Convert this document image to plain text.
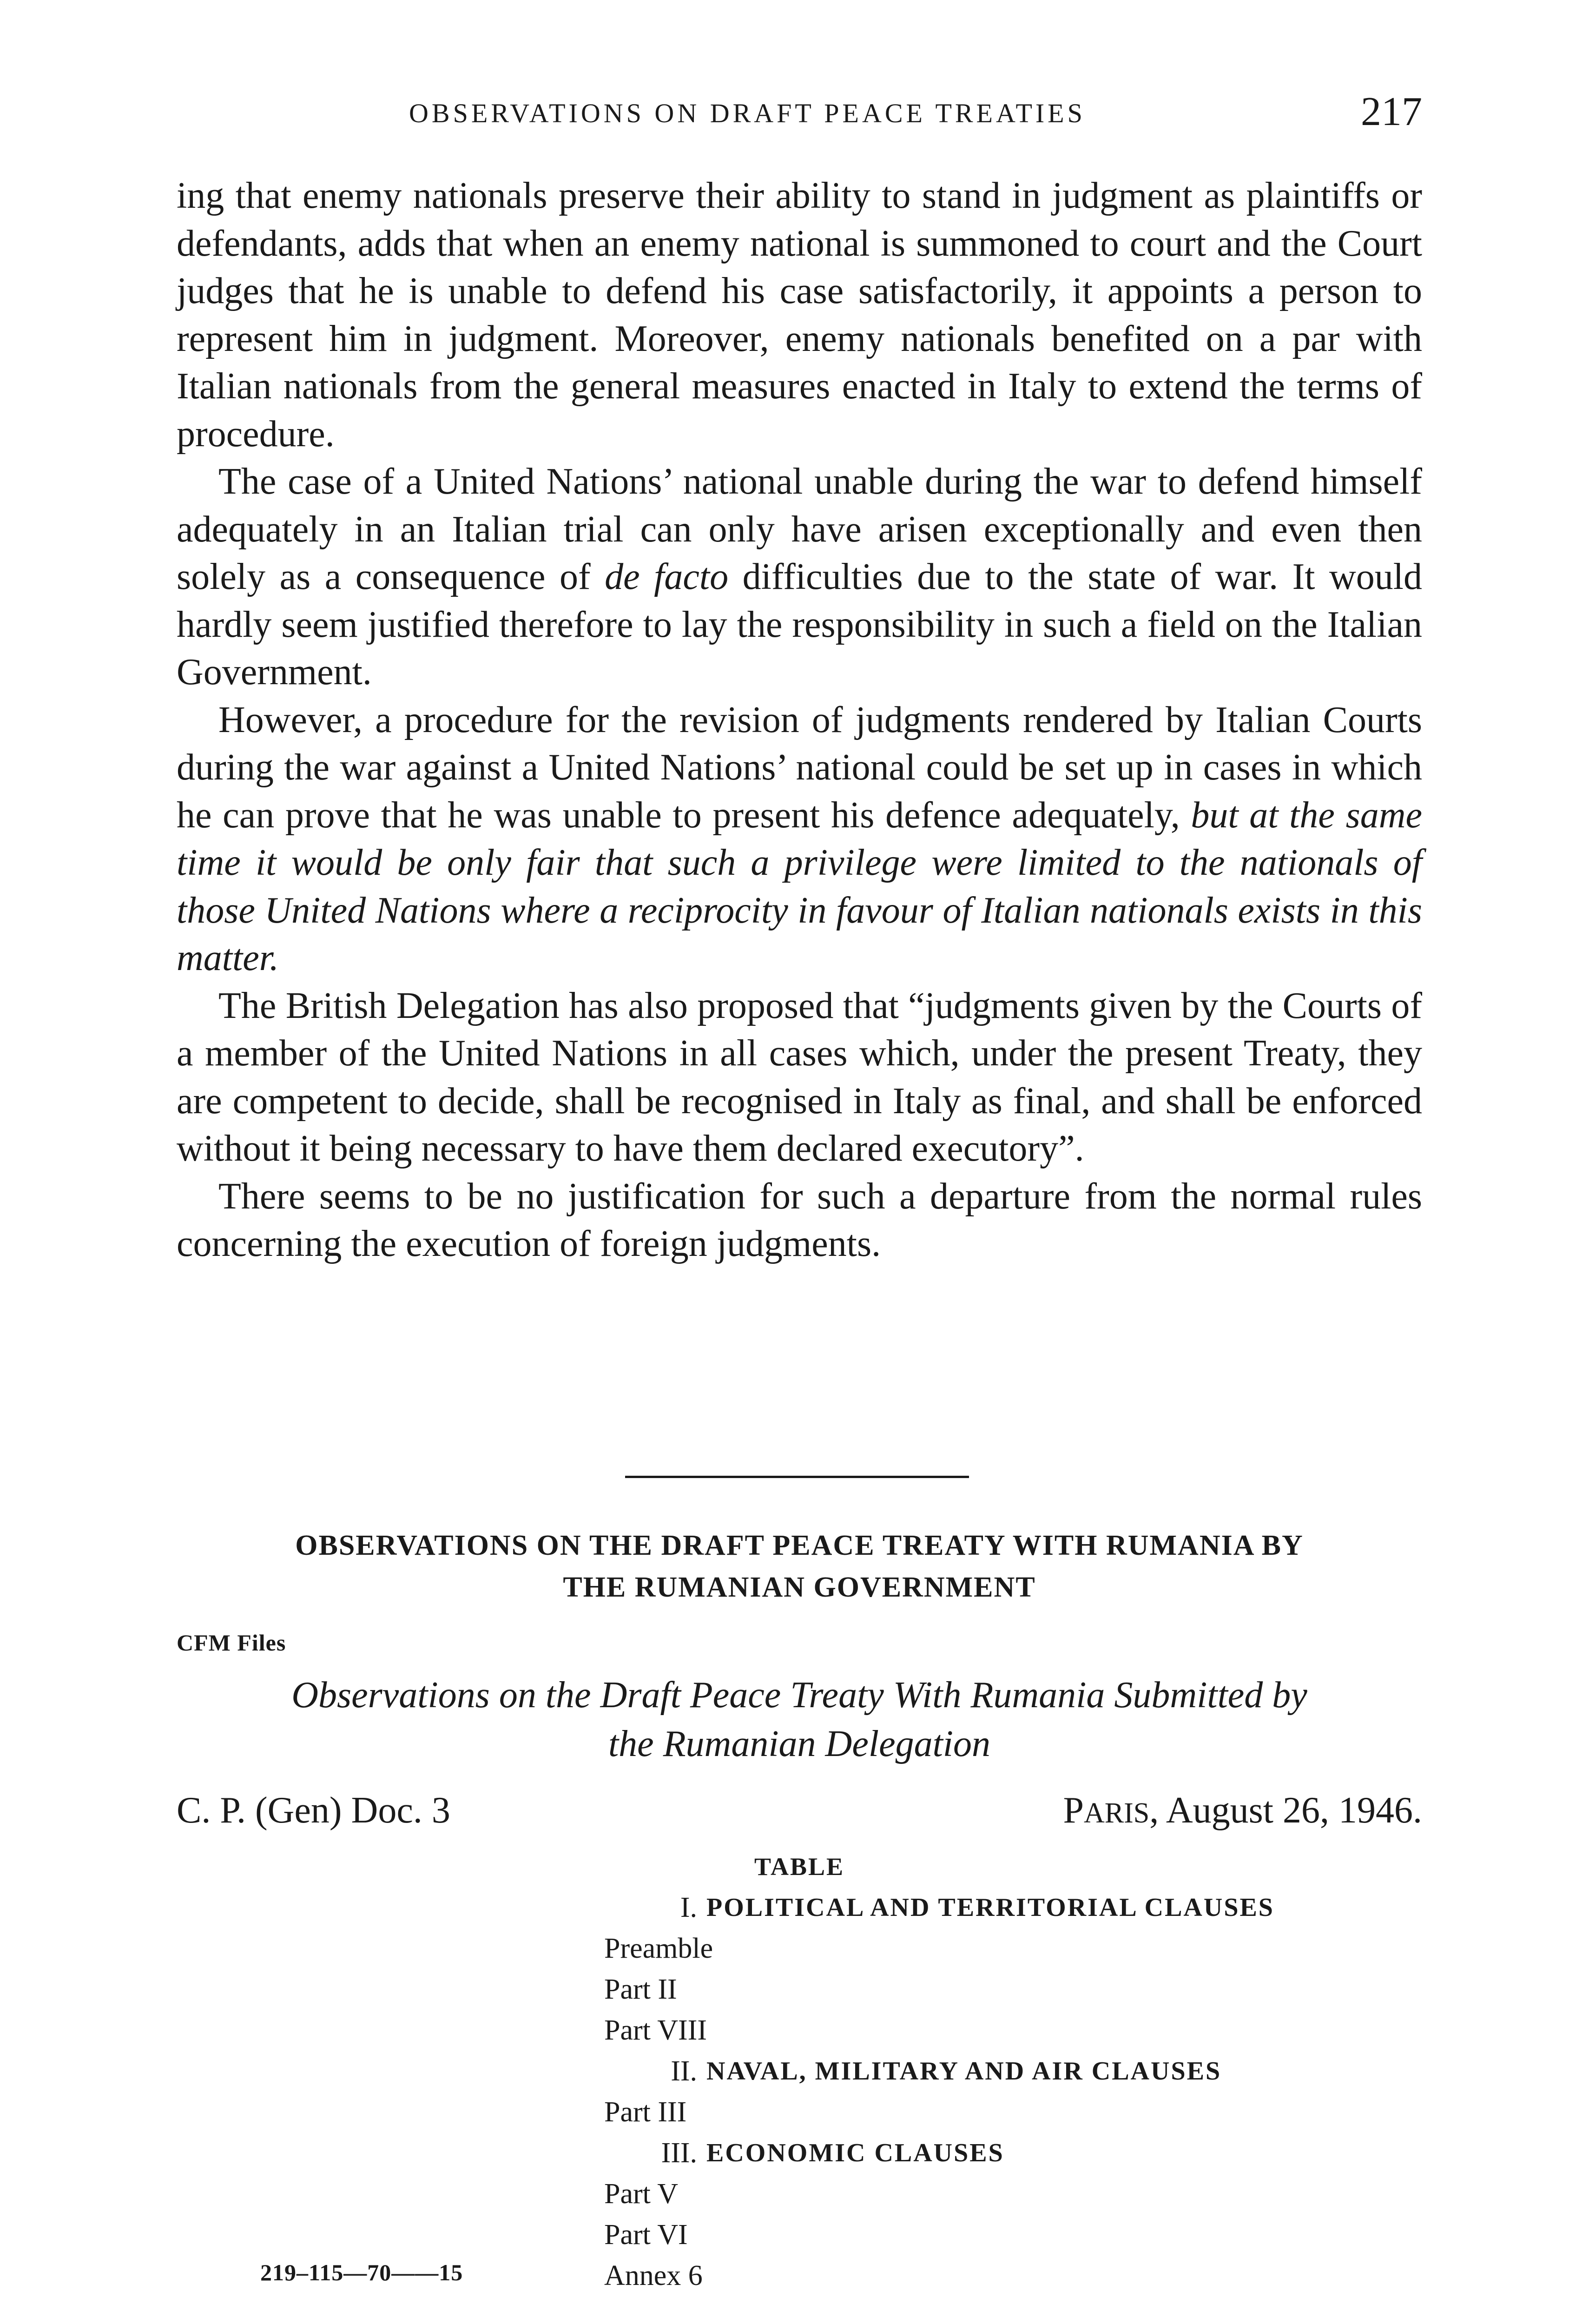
OBSERVATIONS ON DRAFT PEACE TREATIES	217

ing that enemy nationals preserve their ability to stand in judgment as plaintiffs or defendants, adds that when an enemy national is summoned to court and the Court judges that he is unable to defend his case satisfactorily, it appoints a person to represent him in judgment. Moreover, enemy nationals benefited on a par with Italian nationals from the general measures enacted in Italy to extend the terms of procedure.

The case of a United Nations’ national unable during the war to defend himself adequately in an Italian trial can only have arisen exceptionally and even then solely as a consequence of de facto difficulties due to the state of war. It would hardly seem justified therefore to lay the responsibility in such a field on the Italian Government.

However, a procedure for the revision of judgments rendered by Italian Courts during the war against a United Nations’ national could be set up in cases in which he can prove that he was unable to present his defence adequately, but at the same time it would be only fair that such a privilege were limited to the nationals of those United Nations where a reciprocity in favour of Italian nationals exists in this matter.

The British Delegation has also proposed that “judgments given by the Courts of a member of the United Nations in all cases which, under the present Treaty, they are competent to decide, shall be recognised in Italy as final, and shall be enforced without it being necessary to have them declared executory”.

There seems to be no justification for such a departure from the normal rules concerning the execution of foreign judgments.

OBSERVATIONS ON THE DRAFT PEACE TREATY WITH RUMANIA BY
THE RUMANIAN GOVERNMENT
CFM Files
Observations on the Draft Peace Treaty With Rumania Submitted by
the Rumanian Delegation
C. P. (Gen) Doc. 3	PARIS, August 26, 1946.
TABLE
I. POLITICAL AND TERRITORIAL CLAUSES
Preamble
Part II
Part VIII
II. NAVAL, MILITARY AND AIR CLAUSES
Part III
III. ECONOMIC CLAUSES
Part V
Part VI
Annex 6
219–115—70——15
